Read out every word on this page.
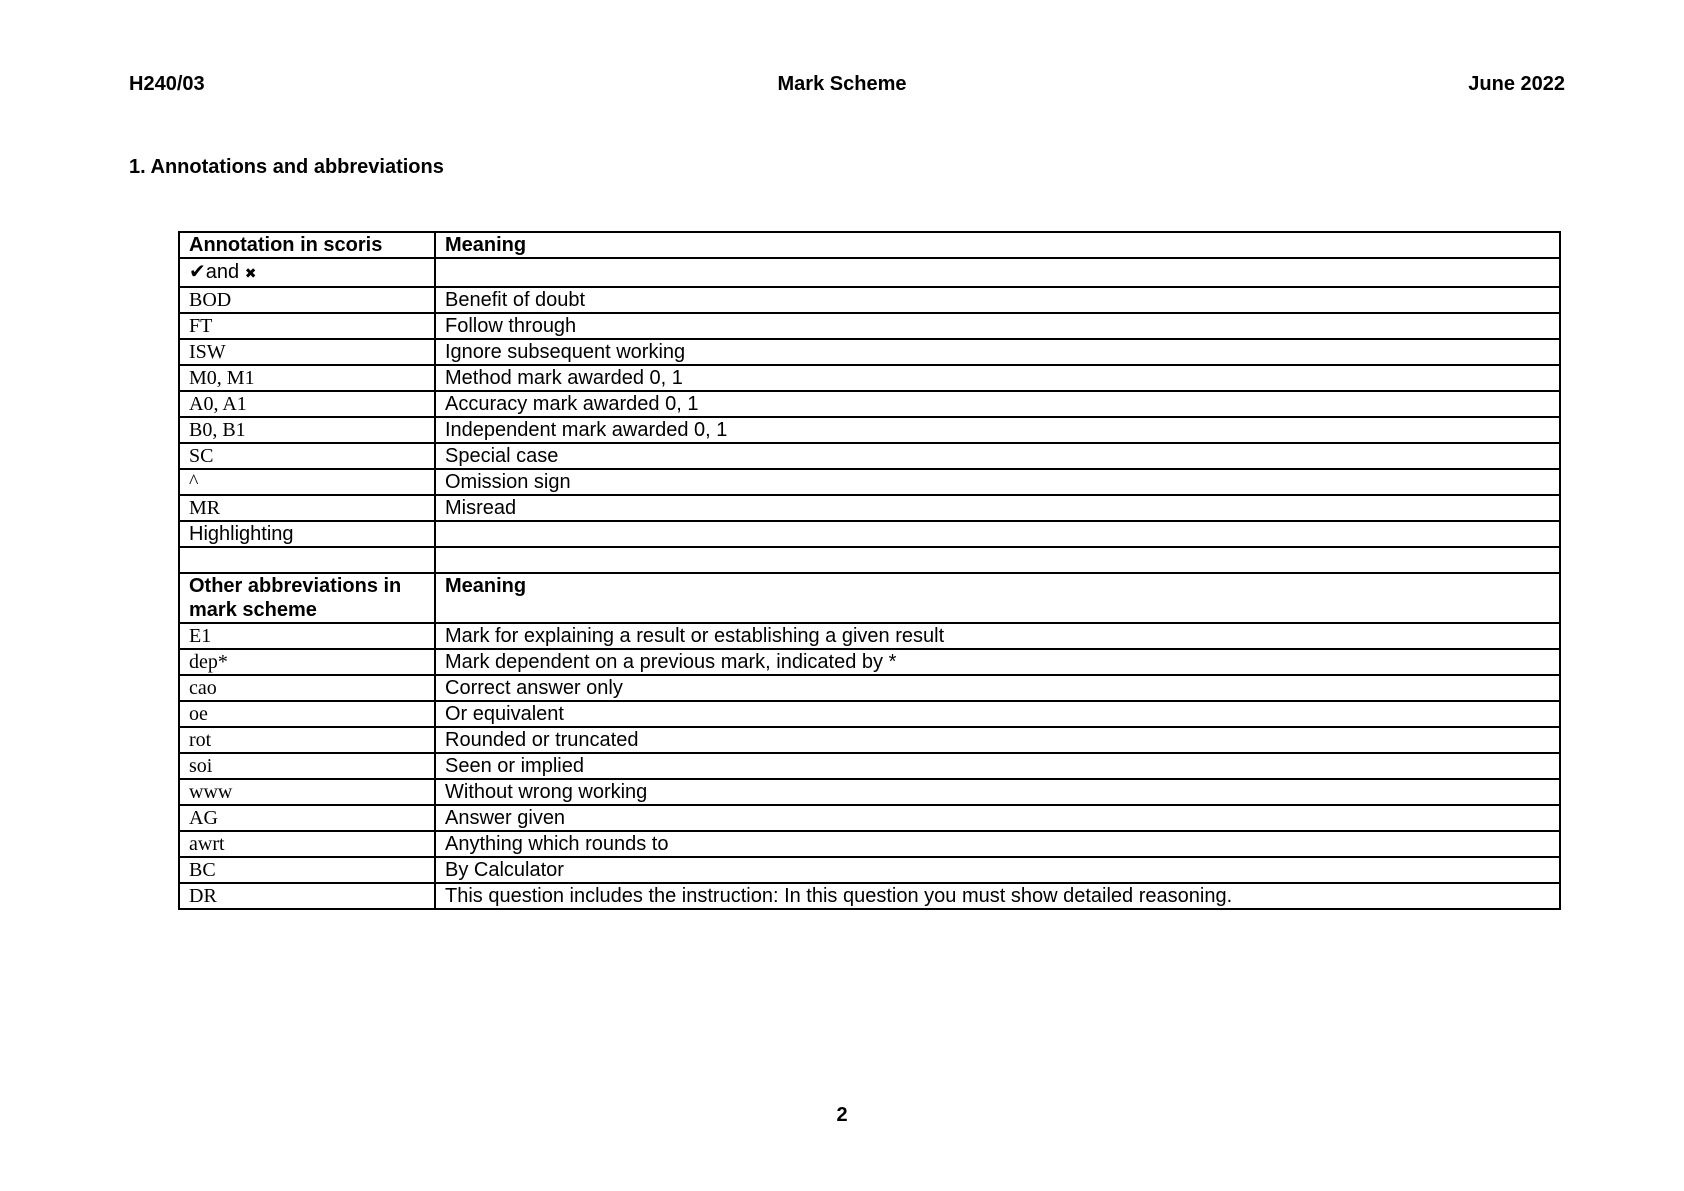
H240/03	Mark Scheme	June 2022
1. Annotations and abbreviations
Annotation in scoris	Meaning
✔and ✖	
BOD	Benefit of doubt
FT	Follow through
ISW	Ignore subsequent working
M0, M1	Method mark awarded 0, 1
A0, A1	Accuracy mark awarded 0, 1
B0, B1	Independent mark awarded 0, 1
SC	Special case
^	Omission sign
MR	Misread
Highlighting	

Other abbreviations in mark scheme	Meaning
E1	Mark for explaining a result or establishing a given result
dep*	Mark dependent on a previous mark, indicated by *
cao	Correct answer only
oe	Or equivalent
rot	Rounded or truncated
soi	Seen or implied
www	Without wrong working
AG	Answer given
awrt	Anything which rounds to
BC	By Calculator
DR	This question includes the instruction: In this question you must show detailed reasoning.
2
